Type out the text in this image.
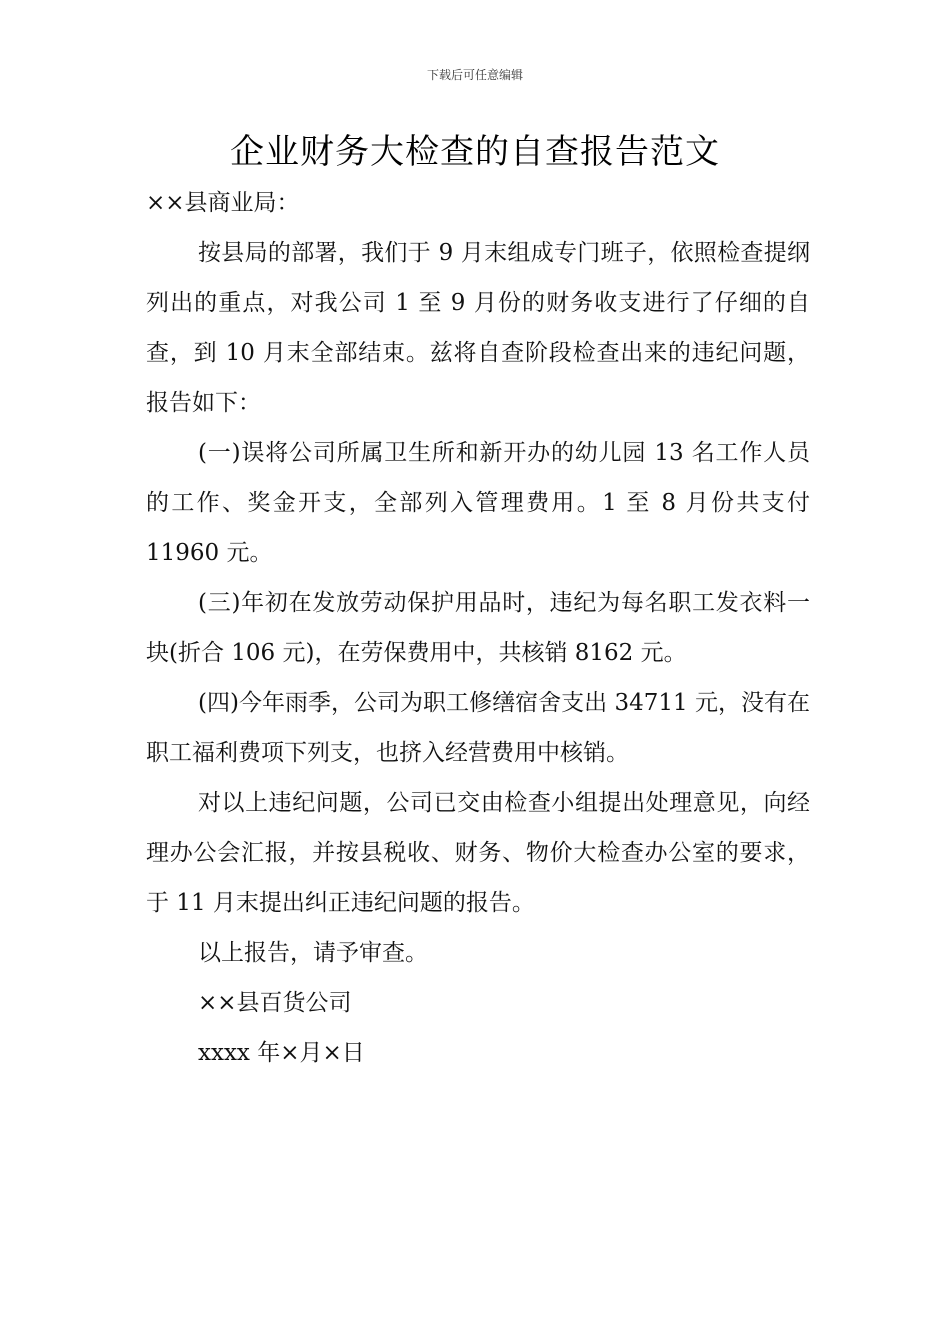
下载后可任意编辑
企业财务大检查的自查报告范文

××县商业局：

按县局的部署，我们于 9 月末组成专门班子，依照检查提纲列出的重点，对我公司 1 至 9 月份的财务收支进行了仔细的自查，到 10 月末全部结束。兹将自查阶段检查出来的违纪问题，报告如下：

(一)误将公司所属卫生所和新开办的幼儿园 13 名工作人员的工作、奖金开支，全部列入管理费用。1 至 8 月份共支付 11960 元。

(三)年初在发放劳动保护用品时，违纪为每名职工发衣料一块(折合 106 元)，在劳保费用中，共核销 8162 元。

(四)今年雨季，公司为职工修缮宿舍支出 34711 元，没有在职工福利费项下列支，也挤入经营费用中核销。

对以上违纪问题，公司已交由检查小组提出处理意见，向经理办公会汇报，并按县税收、财务、物价大检查办公室的要求，于 11 月末提出纠正违纪问题的报告。

以上报告，请予审查。

××县百货公司

xxxx 年×月×日
